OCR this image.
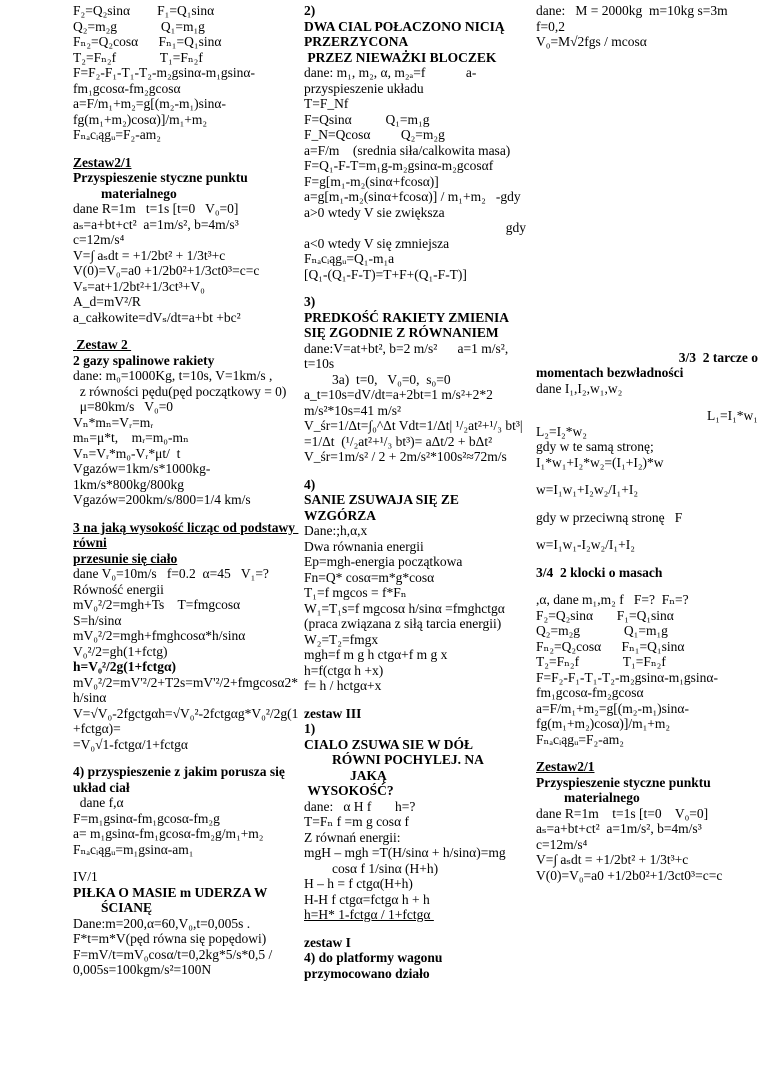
F₂=Q₂sinα        F₁=Q₁sinα
Q₂=m₂g             Q₁=m₁g
Fₙ₂=Q₂cosα      Fₙ₁=Q₁sinα
T₂=Fₙ₂f             T₁=Fₙ₂f
F=F₂-F₁-T₁-T₂-m₂gsinα-m₁gsinα-fm₁gcosα-fm₂gcosα
a=F/m₁+m₂=g[(m₂-m₁)sinα-fg(m₁+m₂)cosα)]/m₁+m₂
Fₙₐcᵢągᵤ=F₂-am₂
Zestaw2/1
Przyspieszenie styczne punktu
materialnego
dane R=1m   t=1s [t=0   V₀=0]
aₛ=a+bt+ct²  a=1m/s², b=4m/s³
c=12m/s⁴
V=∫ aₛdt = +1/2bt² + 1/3t³+c
V(0)=V₀=a0 +1/2b0²+1/3ct0³=c=c
Vₛ=at+1/2bt²+1/3ct³+V₀
A_d=mV²/R      a_całkowite=dVₛ/dt=a+bt +bc²
Zestaw 2
2 gazy spalinowe rakiety
dane: m₀=1000Kg, t=10s, V=1km/s ,
z równości pędu(pęd początkowy = 0)
μ=80km/s   V₀=0
Vₙ*mₙ=Vᵣ=mᵣ
mₙ=μ*t,    mᵣ=m₀-mₙ
Vₙ=Vᵣ*m₀-Vᵣ*μt/  t
Vgazów=1km/s*1000kg-1km/s*800kg/800kg
Vgazów=200km/s/800=1/4 km/s
3 na jaką wysokość licząc od podstawy równi
przesunie się ciało
dane V₀=10m/s   f=0.2  α=45   V₁=?
Równość energii
mV₀²/2=mgh+Ts    T=fmgcosα
S=h/sinα
mV₀²/2=mgh+fmghcosα*h/sinα
V₀²/2=gh(1+fctg)
h=V₀²/2g(1+fctgα)
mV₀²/2=mV'²/2+T2s=mV'²/2+fmgcosα2*h/sinα
V=√V₀-2fgctgαh=√V₀²-2fctgαg*V₀²/2g(1+fctgα)=
=V₀√1-fctgα/1+fctgα
4) przyspieszenie z jakim porusza się układ ciał
dane f,α
F=m₁gsinα-fm₁gcosα-fm₂g
a= m₁gsinα-fm₁gcosα-fm₂g/m₁+m₂
Fₙₐcᵢągᵤ=m₁gsinα-am₁
IV/1
PIŁKA O MASIE m UDERZA W
ŚCIANĘ
Dane:m=200,α=60,V₀,t=0,005s .
F*t=m*V(pęd równa się popędowi)
F=mV/t=mV₀cosα/t=0,2kg*5/s*0,5 / 0,005s=100kgm/s²=100N
2)
DWA CIAL POŁACZONO NICIĄ PRZERZYCONA
PRZEZ NIEWAŻKI BLOCZEK
dane: m₁, m₂, α, m₂ₐ=f            a-przyspieszenie układu
T=F_Nf
F=Qsinα          Q₁=m₁g
F_N=Qcosα         Q₂=m₂g
a=F/m    (srednia siła/calkowita masa)
F=Q₁-F-T=m₁g-m₂gsinα-m₂gcosαf
F=g[m₁-m₂(sinα+fcosα)]
a=g[m₁-m₂(sinα+fcosα)] / m₁+m₂   -gdy a>0 wtedy V sie zwiększa
gdy
a<0 wtedy V się zmniejsza
Fₙₐcᵢągᵤ=Q₁-m₁a
[Q₁-(Q₁-F-T)=T+F+(Q₁-F-T)]
3)
PREDKOŚĆ RAKIETY ZMIENIA SIĘ ZGODNIE Z RÓWNANIEM
dane:V=at+bt², b=2 m/s²      a=1 m/s², t=10s
3a)  t=0,   V₀=0,  s₀=0
a_t=10s=dV/dt=a+2bt=1 m/s²+2*2 m/s²*10s=41 m/s²
V_śr=1/Δt=∫₀^Δt Vdt=1/Δt| ¹/₂at²+¹/₃ bt³| =1/Δt  (¹/₂at²+¹/₃ bt³)= aΔt/2 + bΔt²
V_śr=1m/s² / 2 + 2m/s²*100s²≈72m/s
4)
SANIE ZSUWAJA SIĘ ZE WZGÓRZA
Dane:;h,α,x
Dwa równania energii
Ep=mgh-energia początkowa
Fn=Q* cosα=m*g*cosα
T₁=f mgcos = f*Fₙ
W₁=T₁s=f mgcosα h/sinα =fmghctgα
(praca związana z siłą tarcia energii)
W₂=T₂=fmgx
mgh=f m g h ctgα+f m g x
h=f(ctgα h +x)
f= h / hctgα+x
zestaw III
1)
CIALO ZSUWA SIE W DÓŁ
RÓWNI POCHYLEJ. NA
JAKĄ
WYSOKOŚĆ?
dane:   α H f       h=?
T=Fₙ f =m g cosα f
Z równań energii:
mgH – mgh =T(H/sinα + h/sinα)=mg
cosα f 1/sinα (H+h)
H – h = f ctgα(H+h)
H-H f ctgα=fctgα h + h
h=H* 1-fctgα / 1+fctgα
zestaw I
4) do platformy wagonu
przymocowano działo
dane:   M = 2000kg  m=10kg s=3m
f=0,2
V₀=M√2fgs / mcosα
3/3  2 tarcze o
momentach bezwładności
dane I₁,I₂,w₁,w₂
L₁=I₁*w₁
L₂=I₂*w₂
gdy w te samą stronę;
I₁*w₁+I₂*w₂=(I₁+I₂)*w
w=I₁w₁+I₂w₂/I₁+I₂
gdy w przeciwną stronę   F
w=I₁w₁-I₂w₂/I₁+I₂
3/4  2 klocki o masach
,α, dane m₁,m₂ f   F=?  Fₙ=?
F₂=Q₂sinα       F₁=Q₁sinα
Q₂=m₂g             Q₁=m₁g
Fₙ₂=Q₂cosα      Fₙ₁=Q₁sinα
T₂=Fₙ₂f             T₁=Fₙ₂f
F=F₂-F₁-T₁-T₂-m₂gsinα-m₁gsinα-fm₁gcosα-fm₂gcosα
a=F/m₁+m₂=g[(m₂-m₁)sinα-fg(m₁+m₂)cosα)]/m₁+m₂
Fₙₐcᵢągᵤ=F₂-am₂
Zestaw2/1
Przyspieszenie styczne punktu
materialnego
dane R=1m    t=1s [t=0    V₀=0]
aₛ=a+bt+ct²  a=1m/s², b=4m/s³
c=12m/s⁴
V=∫ aₛdt = +1/2bt² + 1/3t³+c
V(0)=V₀=a0 +1/2b0²+1/3ct0³=c=c
